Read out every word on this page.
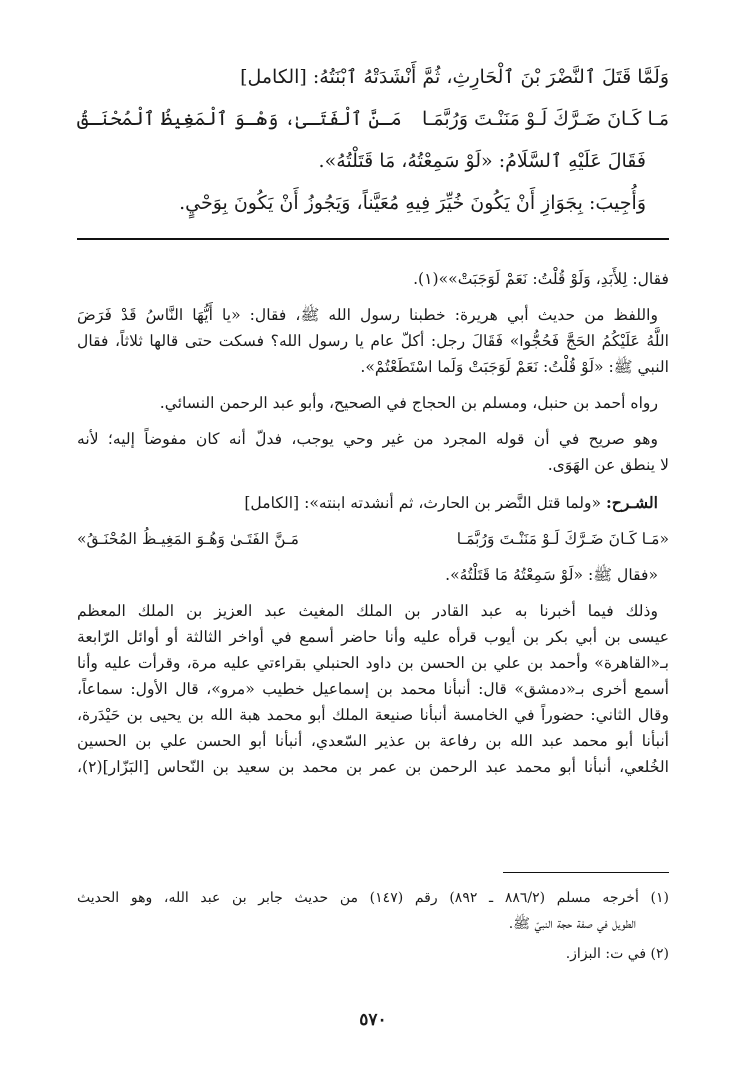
وَلَمَّا قَتَلَ ٱلنَّضْرَ بْنَ ٱلْحَارِثِ، ثُمَّ أَنْشَدَتْهُ ٱبْنَتُهُ: [الكامل]
مَـا كَـانَ ضَـرَّكَ لَـوْ مَنَنْـتَ وَرُبَّمَـا
مَـنَّ ٱلْفَتَـىٰ، وَهْـوَ ٱلْمَغِيظُ ٱلْمُحْنَـقُ
فَقَالَ عَلَيْهِ ٱلسَّلَامُ: «لَوْ سَمِعْتُهُ، مَا قَتَلْتُهُ».
وَأُجِيبَ: بِجَوَازِ أَنْ يَكُونَ خُيِّرَ فِيهِ مُعَيَّناً، وَيَجُوزُ أَنْ يَكُونَ بِوَحْيٍ.
فقال: لِلأَبَدِ، وَلَوْ قُلْتُ: نَعَمْ لَوَجَبَتْ»»(١).
واللفظ من حديث أبي هريرة: خطبنا رسول الله ﷺ، فقال: «يا أَيُّهَا النَّاسُ قَدْ فَرَضَ
اللَّهُ عَلَيْكُمُ الحَجَّ فَحُجُّوا» فَقَالَ رجل: أكلّ عام يا رسول الله؟ فسكت حتى قالها ثلاثاً، فقال
النبي ﷺ: «لَوْ قُلْتُ: نَعَمْ لَوَجَبَتْ وَلَما اسْتَطَعْتُمْ».
رواه أحمد بن حنبل، ومسلم بن الحجاج في الصحيح، وأبو عبد الرحمن النسائي.
وهو صريح في أن قوله المجرد من غير وحي يوجب، فدلّ أنه كان مفوضاً إليه؛ لأنه
لا ينطق عن الهَوَى.
الشـرح: «ولما قتل النَّضر بن الحارث، ثم أنشدته ابنته»: [الكامل]
«مَـا كَـانَ ضَـرَّكَ لَـوْ مَنَنْـتَ وَرُبَّمَـا
مَـنَّ الفَتَـىٰ وَهُـوَ المَغِيـظُ المُحْنَـقُ»
«فقال ﷺ: «لَوْ سَمِعْتُهُ مَا قَتَلْتُهُ».
وذلك فيما أخبرنا به عبد القادر بن الملك المغيث عبد العزيز بن الملك المعظم
عيسى بن أبي بكر بن أيوب قرأه عليه وأنا حاضر أسمع في أواخر الثالثة أو أوائل الرّابعة
بـ«القاهرة» وأحمد بن علي بن الحسن بن داود الحنبلي بقراءتي عليه مرة، وقرأت عليه وأنا
أسمع أخرى بـ«دمشق» قال: أنبأنا محمد بن إسماعيل خطيب «مرو»، قال الأول: سماعاً،
وقال الثاني: حضوراً في الخامسة أنبأنا صنيعة الملك أبو محمد هبة الله بن يحيى بن حَيْدَرة،
أنبأنا أبو محمد عبد الله بن رفاعة بن عذير السّعدي، أنبأنا أبو الحسن علي بن الحسين
الخُلعي، أنبأنا أبو محمد عبد الرحمن بن عمر بن محمد بن سعيد بن النّحاس [البَزّار](٢)،
(١) أخرجه مسلم (٨٨٦/٢ ـ ٨٩٢) رقم (١٤٧) من حديث جابر بن عبد الله، وهو الحديث
الطويل في صفة حجة النبيّ ﷺ.
(٢) في ت: البزاز.
٥٧٠
